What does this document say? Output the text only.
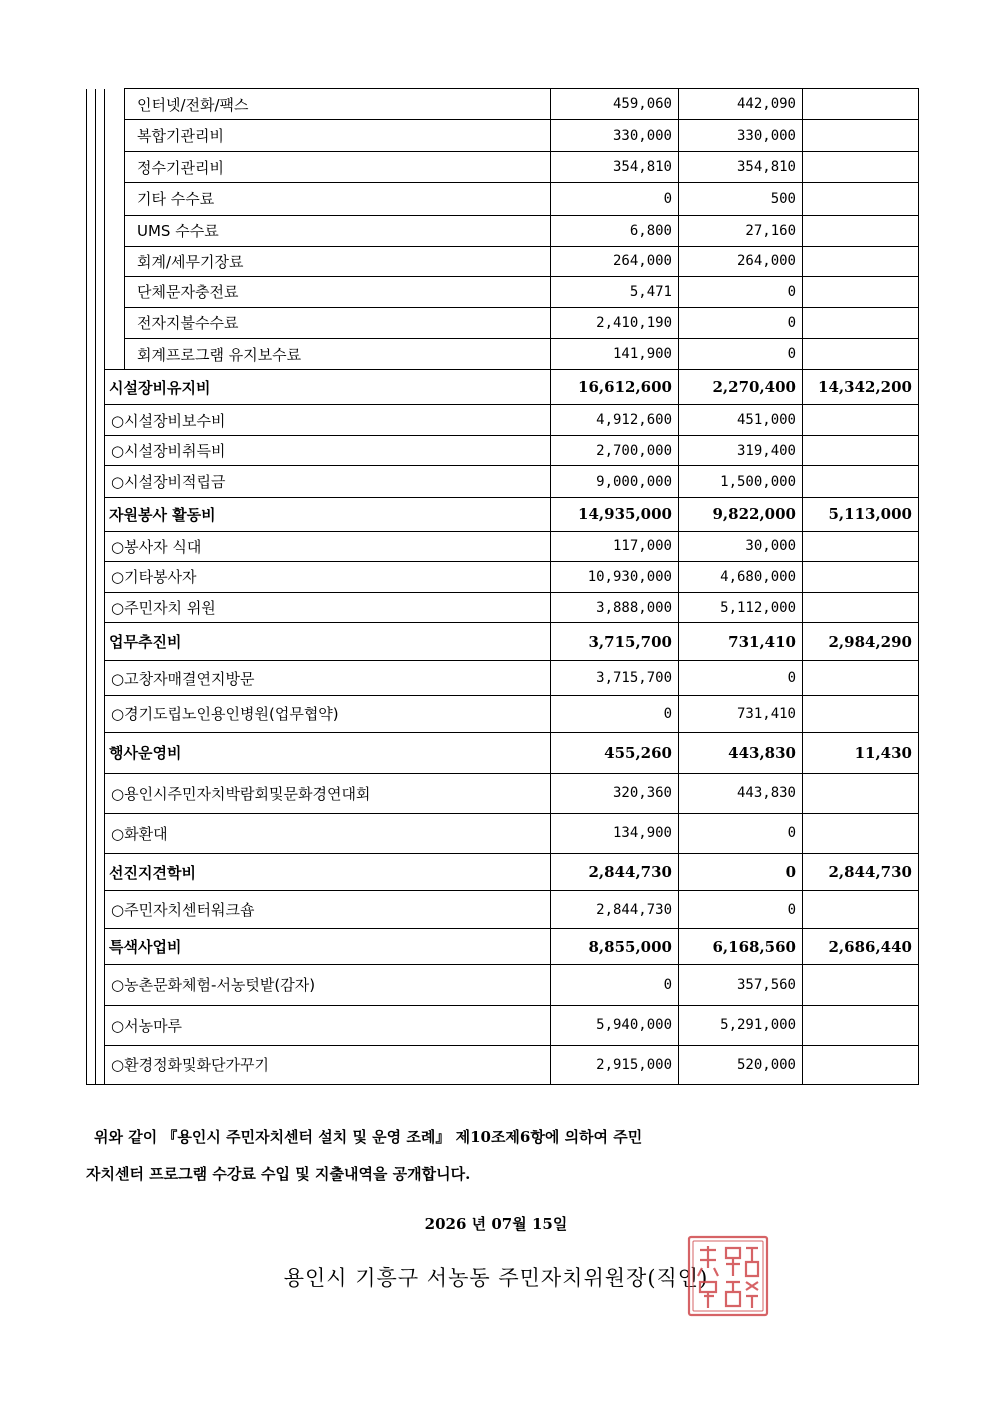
			인터넷/전화/팩스	459,060	442,090	
			복합기관리비	330,000	330,000	
			정수기관리비	354,810	354,810	
			기타 수수료	0	500	
			UMS 수수료	6,800	27,160	
			회계/세무기장료	264,000	264,000	
			단체문자충전료	5,471	0	
			전자지불수수료	2,410,190	0	
			회계프로그램 유지보수료	141,900	0	
		시설장비유지비		16,612,600	2,270,400	14,342,200
		○시설장비보수비		4,912,600	451,000	
		○시설장비취득비		2,700,000	319,400	
		○시설장비적립금		9,000,000	1,500,000	
		자원봉사 활동비		14,935,000	9,822,000	5,113,000
		○봉사자 식대		117,000	30,000	
		○기타봉사자		10,930,000	4,680,000	
		○주민자치 위원		3,888,000	5,112,000	
		업무추진비		3,715,700	731,410	2,984,290
		○고창자매결연지방문		3,715,700	0	
		○경기도립노인용인병원(업무협약)		0	731,410	
		행사운영비		455,260	443,830	11,430
		○용인시주민자치박람회및문화경연대회		320,360	443,830	
		○화환대		134,900	0	
		선진지견학비		2,844,730	0	2,844,730
		○주민자치센터워크숍		2,844,730	0	
		특색사업비		8,855,000	6,168,560	2,686,440
		○농촌문화체험-서농텃밭(감자)		0	357,560	
		○서농마루		5,940,000	5,291,000	
		○환경정화및화단가꾸기		2,915,000	520,000	
위와 같이 『용인시 주민자치센터 설치 및 운영 조례』 제10조제6항에 의하여 주민
자치센터 프로그램 수강료 수입 및 지출내역을 공개합니다.
2026 년 07월 15일
용인시 기흥구 서농동 주민자치위원장(직인)
